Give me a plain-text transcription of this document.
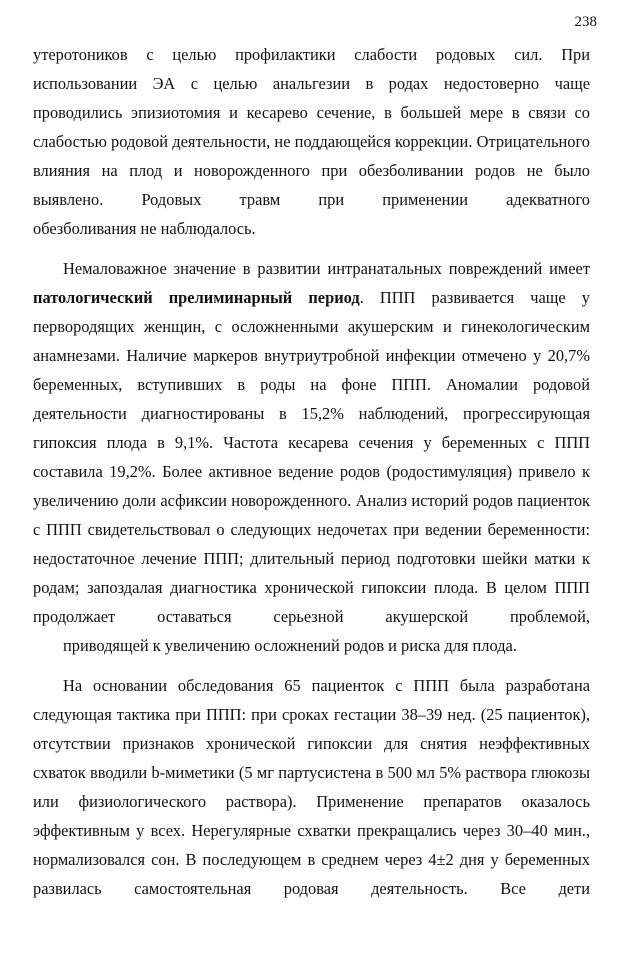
238

утеротоников с целью профилактики слабости родовых сил. При использовании ЭА с целью анальгезии в родах недостоверно чаще проводились эпизиотомия и кесарево сечение, в большей мере в связи со слабостью родовой деятельности, не поддающейся коррекции. Отрицательного влияния на плод и новорожденного при обезболивании родов не было выявлено. Родовых травм при применении адекватного
обезболивания не наблюдалось.

Немаловажное значение в развитии интранатальных повреждений имеет патологический прелиминарный период. ППП развивается чаще у первородящих женщин, с осложненными акушерским и гинекологическим анамнезами. Наличие маркеров внутриутробной инфекции отмечено у 20,7% беременных, вступивших в роды на фоне ППП. Аномалии родовой деятельности диагностированы в 15,2% наблюдений, прогрессирующая гипоксия плода в 9,1%. Частота кесарева сечения у беременных с ППП составила 19,2%. Более активное ведение родов (родостимуляция) привело к увеличению доли асфиксии новорожденного. Анализ историй родов пациенток с ППП свидетельствовал о следующих недочетах при ведении беременности: недостаточное лечение ППП; длительный период подготовки шейки матки к родам; запоздалая диагностика хронической гипоксии плода. В целом ППП продолжает оставаться серьезной акушерской проблемой,
приводящей к увеличению осложнений родов и риска для плода.

На основании обследования 65 пациенток с ППП была разработана следующая тактика при ППП: при сроках гестации 38–39 нед. (25 пациенток), отсутствии признаков хронической гипоксии для снятия неэффективных схваток вводили b-миметики (5 мг партусистена в 500 мл 5% раствора глюкозы или физиологического раствора). Применение препаратов оказалось эффективным у всех. Нерегулярные схватки прекращались через 30–40 мин., нормализовался сон. В последующем в среднем через 4±2 дня у беременных развилась самостоятельная родовая деятельность. Все дети
